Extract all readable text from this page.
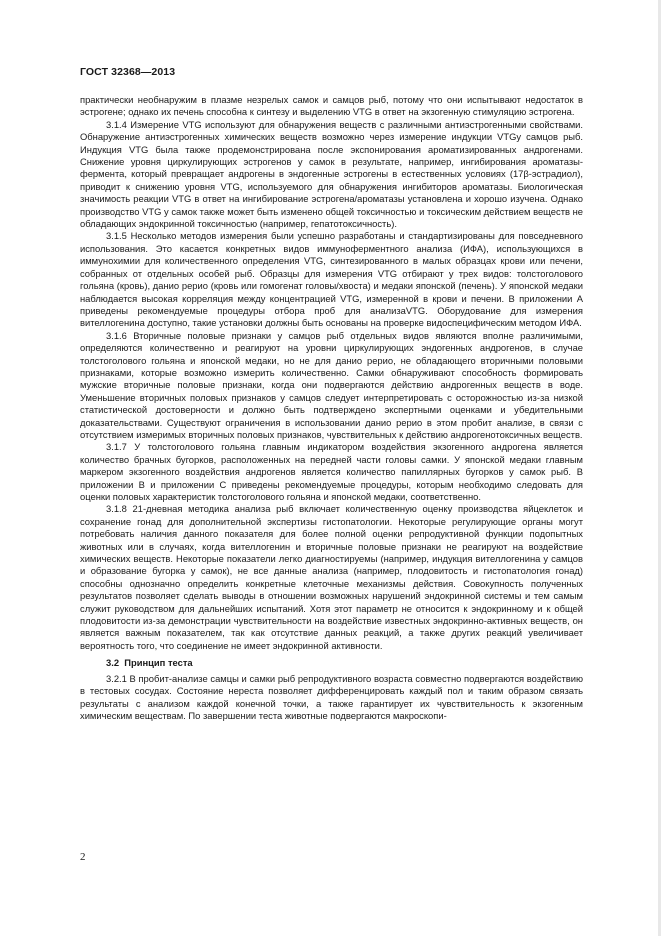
ГОСТ 32368—2013

практически необнаружим в плазме незрелых самок и самцов рыб, потому что они испытывают недостаток в эстрогене; однако их печень способна к синтезу и выделению VTG в ответ на экзогенную стимуляцию эстрогена.

3.1.4 Измерение VTG используют для обнаружения веществ с различными антиэстрогенными свойствами. Обнаружение антиэстрогенных химических веществ возможно через измерение индукции VTGу самцов рыб. Индукция VTG была также продемонстрирована после экспонирования ароматизированных андрогенами. Снижение уровня циркулирующих эстрогенов у самок в результате, например, ингибирования ароматазы-фермента, который превращает андрогены в эндогенные эстрогены в естественных условиях (17β-эстрадиол), приводит к снижению уровня VTG, используемого для обнаружения ингибиторов ароматазы. Биологическая значимость реакции VTG в ответ на ингибирование эстрогена/ароматазы установлена и хорошо изучена. Однако производство VTG у самок также может быть изменено общей токсичностью и токсическим действием веществ не обладающих эндокринной токсичностью (например, гепатотоксичность).

3.1.5 Несколько методов измерения были успешно разработаны и стандартизированы для повседневного использования. Это касается конкретных видов иммуноферментного анализа (ИФА), использующихся в иммунохимии для количественного определения VTG, синтезированного в малых образцах крови или печени, собранных от отдельных особей рыб. Образцы для измерения VTG отбирают у трех видов: толстоголового гольяна (кровь), данио рерио (кровь или гомогенат головы/хвоста) и медаки японской (печень). У японской медаки наблюдается высокая корреляция между концентрацией VTG, измеренной в крови и печени. В приложении А приведены рекомендуемые процедуры отбора проб для анализаVTG. Оборудование для измерения вителлогенина доступно, такие установки должны быть основаны на проверке видоспецифическим методом ИФА.

3.1.6 Вторичные половые признаки у самцов рыб отдельных видов являются вполне различимыми, определяются количественно и реагируют на уровни циркулирующих эндогенных андрогенов, в случае толстоголового гольяна и японской медаки, но не для данио рерио, не обладающего вторичными половыми признаками, которые возможно измерить количественно. Самки обнаруживают способность формировать мужские вторичные половые признаки, когда они подвергаются действию андрогенных веществ в воде. Уменьшение вторичных половых признаков у самцов следует интерпретировать с осторожностью из-за низкой статистической достоверности и должно быть подтверждено экспертными оценками и убедительными доказательствами. Существуют ограничения в использовании данио рерио в этом пробит анализе, в связи с отсутствием измеримых вторичных половых признаков, чувствительных к действию андрогенотоксичных веществ.

3.1.7 У толстоголового гольяна главным индикатором воздействия экзогенного андрогена является количество брачных бугорков, расположенных на передней части головы самки. У японской медаки главным маркером экзогенного воздействия андрогенов является количество папиллярных бугорков у самок рыб. В приложении В и приложении С приведены рекомендуемые процедуры, которым необходимо следовать для оценки половых характеристик толстоголового гольяна и японской медаки, соответственно.

3.1.8 21-дневная методика анализа рыб включает количественную оценку производства яйцеклеток и сохранение гонад для дополнительной экспертизы гистопатологии. Некоторые регулирующие органы могут потребовать наличия данного показателя для более полной оценки репродуктивной функции подопытных животных или в случаях, когда вителлогенин и вторичные половые признаки не реагируют на воздействие химических веществ. Некоторые показатели легко диагностируемы (например, индукция вителлогенина у самцов и образование бугорка у самок), не все данные анализа (например, плодовитость и гистопатология гонад) способны однозначно определить конкретные клеточные механизмы действия. Совокупность полученных результатов позволяет сделать выводы в отношении возможных нарушений эндокринной системы и тем самым служит руководством для дальнейших испытаний. Хотя этот параметр не относится к эндокринному и к общей плодовитости из-за демонстрации чувствительности на воздействие известных эндокринно-активных веществ, он является важным показателем, так как отсутствие данных реакций, а также других реакций увеличивает вероятность того, что соединение не имеет эндокринной активности.

3.2 Принцип теста

3.2.1 В пробит-анализе самцы и самки рыб репродуктивного возраста совместно подвергаются воздействию в тестовых сосудах. Состояние нереста позволяет дифференцировать каждый пол и таким образом связать результаты с анализом каждой конечной точки, а также гарантирует их чувствительность к экзогенным химическим веществам. По завершении теста животные подвергаются макроскопи-

2
